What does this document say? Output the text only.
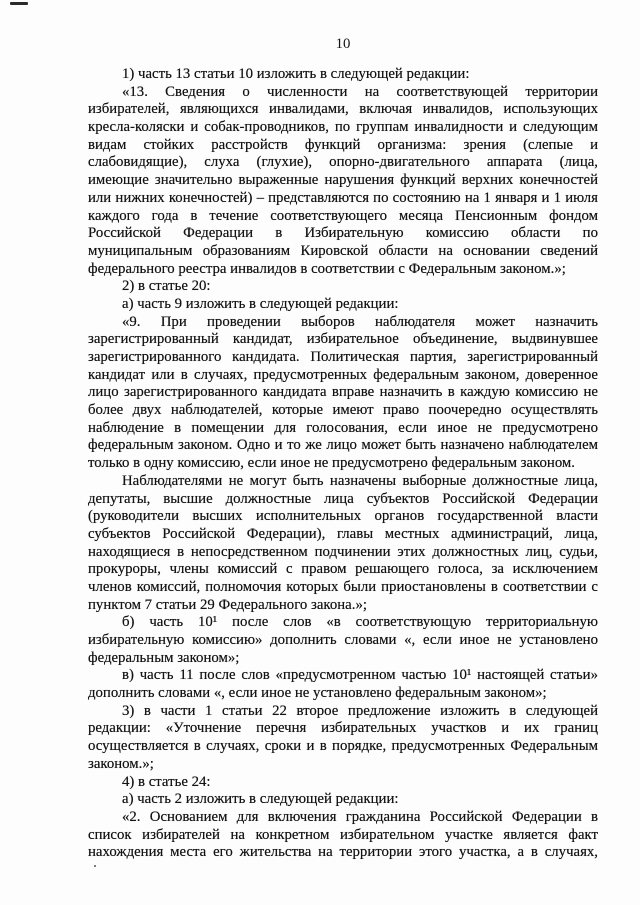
10
1) часть 13 статьи 10 изложить в следующей редакции:
«13. Сведения о численности на соответствующей территории
избирателей, являющихся инвалидами, включая инвалидов, использующих
кресла-коляски и собак-проводников, по группам инвалидности и следующим
видам стойких расстройств функций организма: зрения (слепые и
слабовидящие), слуха (глухие), опорно-двигательного аппарата (лица,
имеющие значительно выраженные нарушения функций верхних конечностей
или нижних конечностей) – представляются по состоянию на 1 января и 1 июля
каждого года в течение соответствующего месяца Пенсионным фондом
Российской Федерации в Избирательную комиссию области по
муниципальным образованиям Кировской области на основании сведений
федерального реестра инвалидов в соответствии с Федеральным законом.»;
2) в статье 20:
а) часть 9 изложить в следующей редакции:
«9. При проведении выборов наблюдателя может назначить
зарегистрированный кандидат, избирательное объединение, выдвинувшее
зарегистрированного кандидата. Политическая партия, зарегистрированный
кандидат или в случаях, предусмотренных федеральным законом, доверенное
лицо зарегистрированного кандидата вправе назначить в каждую комиссию не
более двух наблюдателей, которые имеют право поочередно осуществлять
наблюдение в помещении для голосования, если иное не предусмотрено
федеральным законом. Одно и то же лицо может быть назначено наблюдателем
только в одну комиссию, если иное не предусмотрено федеральным законом.
Наблюдателями не могут быть назначены выборные должностные лица,
депутаты, высшие должностные лица субъектов Российской Федерации
(руководители высших исполнительных органов государственной власти
субъектов Российской Федерации), главы местных администраций, лица,
находящиеся в непосредственном подчинении этих должностных лиц, судьи,
прокуроры, члены комиссий с правом решающего голоса, за исключением
членов комиссий, полномочия которых были приостановлены в соответствии с
пунктом 7 статьи 29 Федерального закона.»;
б) часть 10¹ после слов «в соответствующую территориальную
избирательную комиссию» дополнить словами «, если иное не установлено
федеральным законом»;
в) часть 11 после слов «предусмотренном частью 10¹ настоящей статьи»
дополнить словами «, если иное не установлено федеральным законом»;
3) в части 1 статьи 22 второе предложение изложить в следующей
редакции: «Уточнение перечня избирательных участков и их границ
осуществляется в случаях, сроки и в порядке, предусмотренных Федеральным
законом.»;
4) в статье 24:
а) часть 2 изложить в следующей редакции:
«2. Основанием для включения гражданина Российской Федерации в
список избирателей на конкретном избирательном участке является факт
нахождения места его жительства на территории этого участка, а в случаях,
